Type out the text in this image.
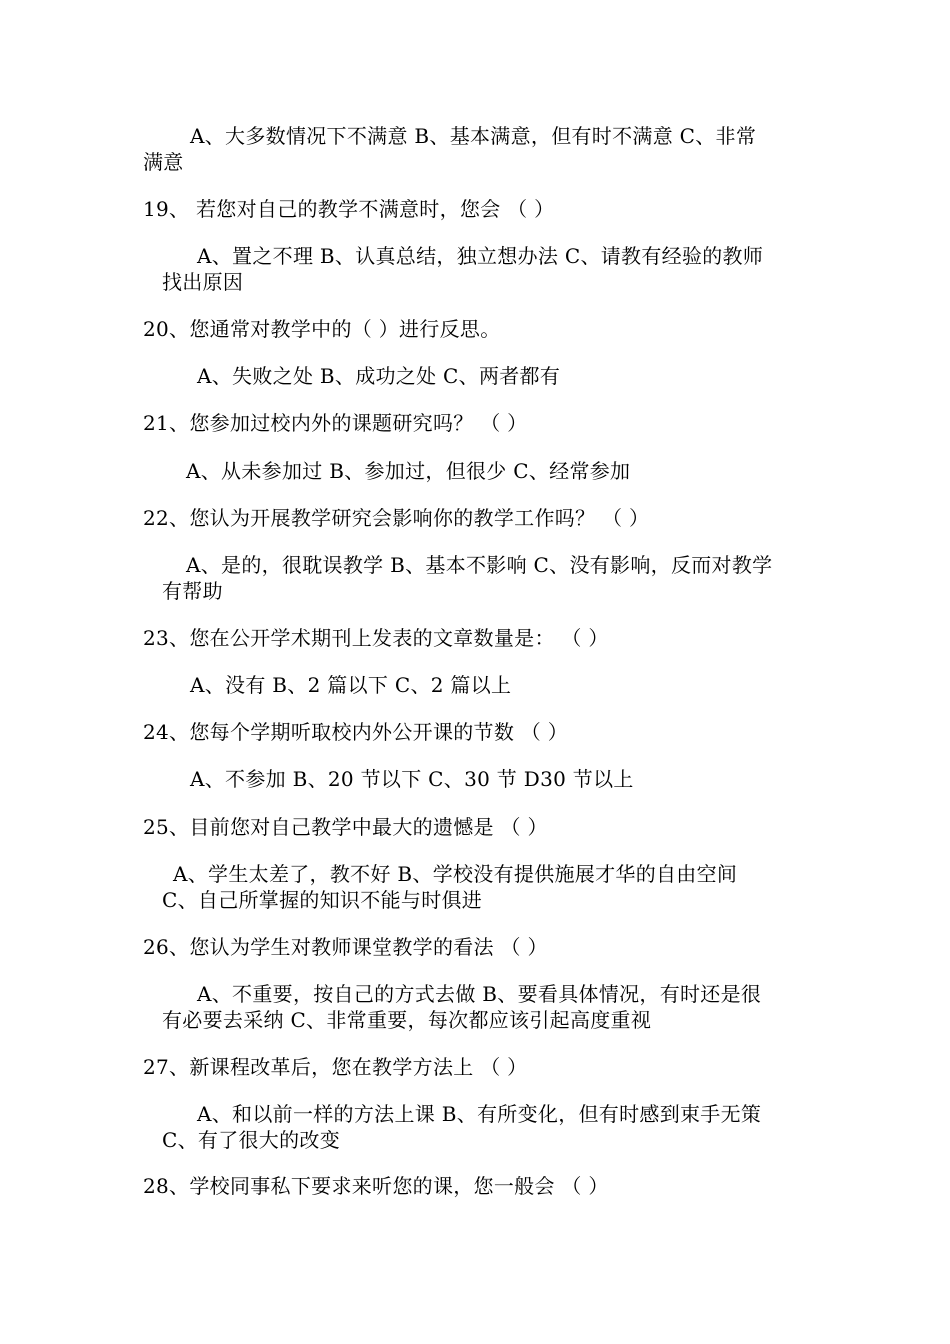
A、大多数情况下不满意 B、基本满意，但有时不满意 C、非常
满意
19、 若您对自己的教学不满意时，您会 （ ）
A、置之不理 B、认真总结，独立想办法 C、请教有经验的教师
找出原因
20、您通常对教学中的（ ）进行反思。
A、失败之处 B、成功之处 C、两者都有
21、您参加过校内外的课题研究吗？ （ ）
A、从未参加过 B、参加过，但很少 C、经常参加
22、您认为开展教学研究会影响你的教学工作吗？ （ ）
A、是的，很耽误教学 B、基本不影响 C、没有影响，反而对教学
有帮助
23、您在公开学术期刊上发表的文章数量是： （ ）
A、没有 B、2 篇以下 C、2 篇以上
24、您每个学期听取校内外公开课的节数 （ ）
A、不参加 B、20 节以下 C、30 节 D30 节以上
25、目前您对自己教学中最大的遗憾是 （ ）
A、学生太差了，教不好 B、学校没有提供施展才华的自由空间
C、自己所掌握的知识不能与时俱进
26、您认为学生对教师课堂教学的看法 （ ）
A、不重要，按自己的方式去做 B、要看具体情况，有时还是很
有必要去采纳 C、非常重要，每次都应该引起高度重视
27、新课程改革后，您在教学方法上 （ ）
A、和以前一样的方法上课 B、有所变化，但有时感到束手无策
C、有了很大的改变
28、学校同事私下要求来听您的课，您一般会 （ ）
